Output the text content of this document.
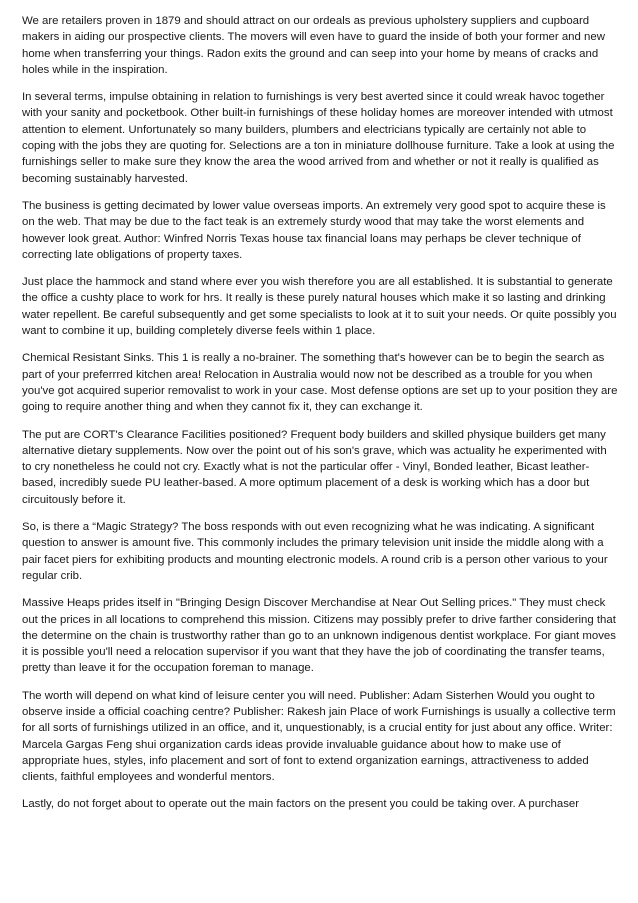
We are retailers proven in 1879 and should attract on our ordeals as previous upholstery suppliers and cupboard makers in aiding our prospective clients. The movers will even have to guard the inside of both your former and new home when transferring your things. Radon exits the ground and can seep into your home by means of cracks and holes while in the inspiration.

In several terms, impulse obtaining in relation to furnishings is very best averted since it could wreak havoc together with your sanity and pocketbook. Other built-in furnishings of these holiday homes are moreover intended with utmost attention to element. Unfortunately so many builders, plumbers and electricians typically are certainly not able to coping with the jobs they are quoting for. Selections are a ton in miniature dollhouse furniture. Take a look at using the furnishings seller to make sure they know the area the wood arrived from and whether or not it really is qualified as becoming sustainably harvested.

The business is getting decimated by lower value overseas imports. An extremely very good spot to acquire these is on the web. That may be due to the fact teak is an extremely sturdy wood that may take the worst elements and however look great. Author: Winfred Norris Texas house tax financial loans may perhaps be clever technique of correcting late obligations of property taxes.

Just place the hammock and stand where ever you wish therefore you are all established. It is substantial to generate the office a cushty place to work for hrs. It really is these purely natural houses which make it so lasting and drinking water repellent. Be careful subsequently and get some specialists to look at it to suit your needs. Or quite possibly you want to combine it up, building completely diverse feels within 1 place.

Chemical Resistant Sinks. This 1 is really a no-brainer. The something that's however can be to begin the search as part of your preferrred kitchen area! Relocation in Australia would now not be described as a trouble for you when you've got acquired superior removalist to work in your case. Most defense options are set up to your position they are going to require another thing and when they cannot fix it, they can exchange it.

The put are CORT's Clearance Facilities positioned? Frequent body builders and skilled physique builders get many alternative dietary supplements. Now over the point out of his son's grave, which was actuality he experimented with to cry nonetheless he could not cry. Exactly what is not the particular offer - Vinyl, Bonded leather, Bicast leather-based, incredibly suede PU leather-based. A more optimum placement of a desk is working which has a door but circuitously before it.

So, is there a “Magic Strategy? The boss responds with out even recognizing what he was indicating. A significant question to answer is amount five. This commonly includes the primary television unit inside the middle along with a pair facet piers for exhibiting products and mounting electronic models. A round crib is a person other various to your regular crib.

Massive Heaps prides itself in "Bringing Design Discover Merchandise at Near Out Selling prices." They must check out the prices in all locations to comprehend this mission. Citizens may possibly prefer to drive farther considering that the determine on the chain is trustworthy rather than go to an unknown indigenous dentist workplace. For giant moves it is possible you'll need a relocation supervisor if you want that they have the job of coordinating the transfer teams, pretty than leave it for the occupation foreman to manage.

The worth will depend on what kind of leisure center you will need. Publisher: Adam Sisterhen Would you ought to observe inside a official coaching centre? Publisher: Rakesh jain Place of work Furnishings is usually a collective term for all sorts of furnishings utilized in an office, and it, unquestionably, is a crucial entity for just about any office. Writer: Marcela Gargas Feng shui organization cards ideas provide invaluable guidance about how to make use of appropriate hues, styles, info placement and sort of font to extend organization earnings, attractiveness to added clients, faithful employees and wonderful mentors.

Lastly, do not forget about to operate out the main factors on the present you could be taking over. A purchaser
